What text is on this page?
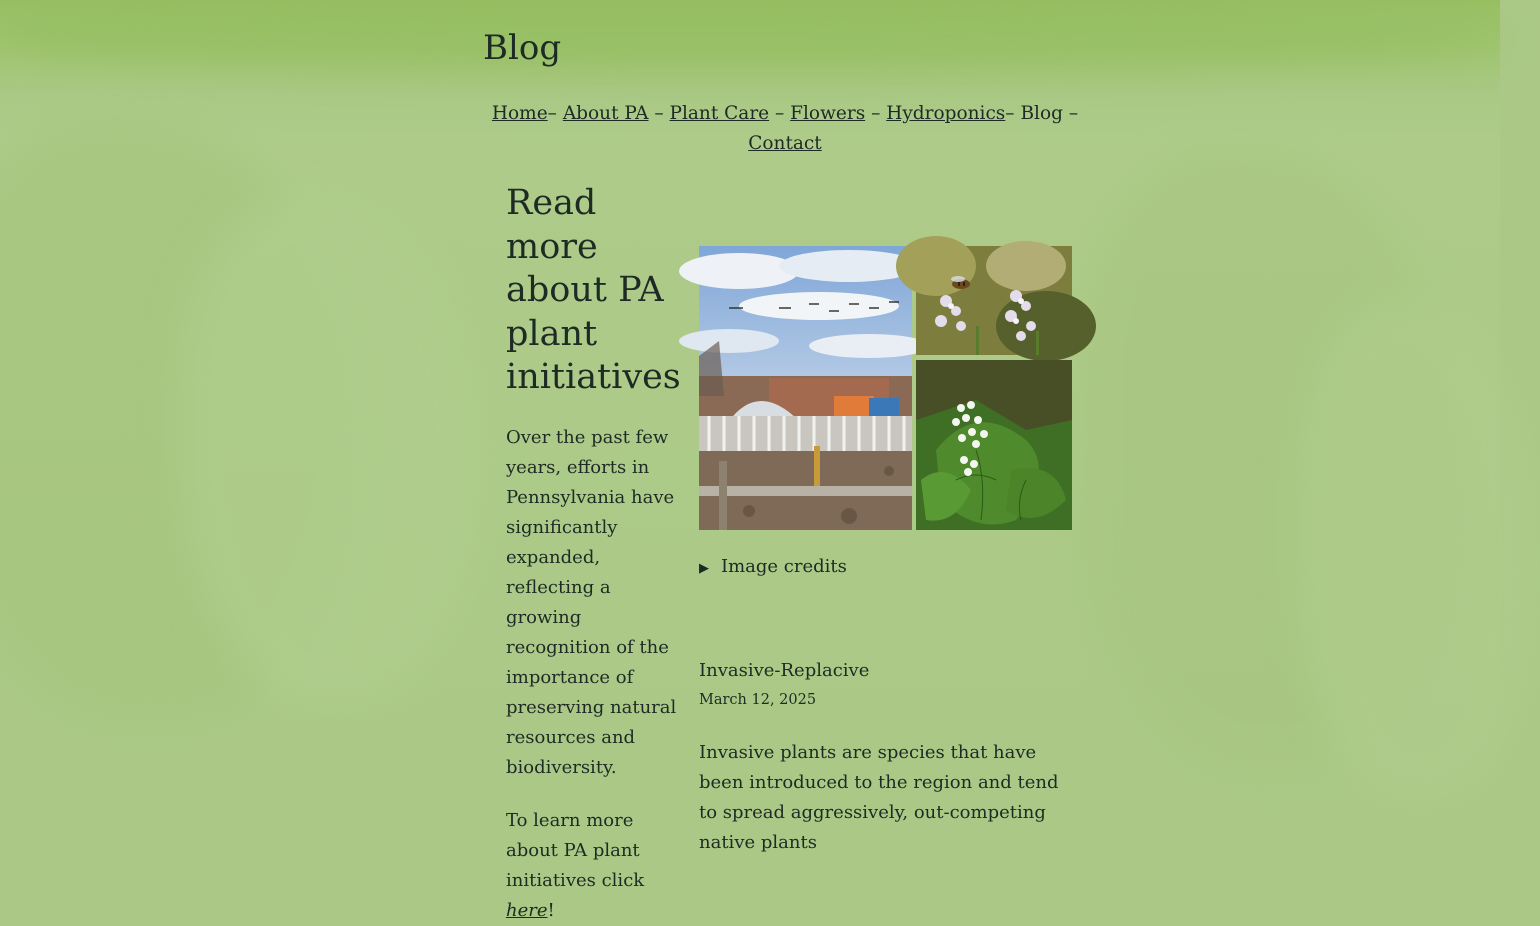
Blog
Home– About PA – Plant Care – Flowers – Hydroponics– Blog –
Contact
Read more about PA plant initiatives

Over the past few years, efforts in Pennsylvania have significantly expanded, reflecting a growing recognition of the importance of preserving natural resources and biodiversity.

To learn more about PA plant initiatives click here!

▶ Image credits
Invasive-Replacive
March 12, 2025

Invasive plants are species that have been introduced to the region and tend to spread aggressively, out-competing native plants
